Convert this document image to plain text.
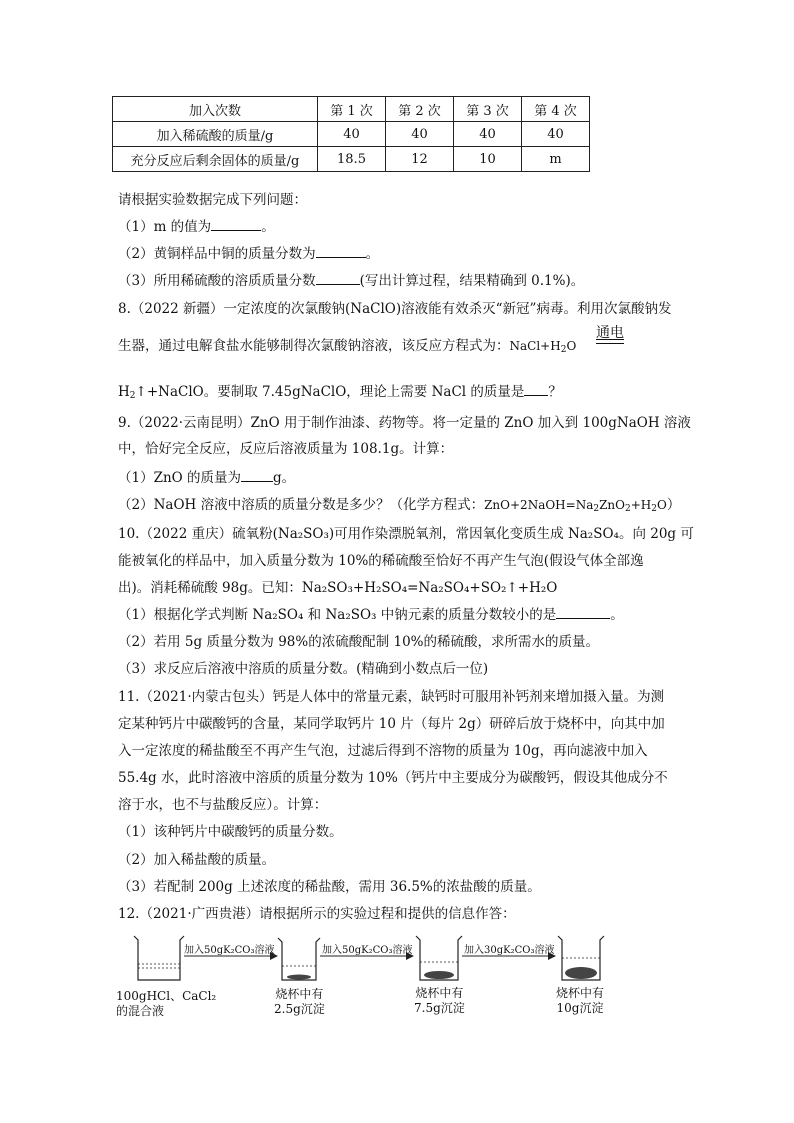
加入次数	第 1 次	第 2 次	第 3 次	第 4 次
加入稀硫酸的质量/g	40	40	40	40
充分反应后剩余固体的质量/g	18.5	12	10	m
请根据实验数据完成下列问题：
（1）m 的值为	。
（2）黄铜样品中铜的质量分数为	。
（3）所用稀硫酸的溶质质量分数	(写出计算过程，结果精确到 0.1%)。
8.（2022 新疆）一定浓度的次氯酸钠(NaClO)溶液能有效杀灭“新冠”病毒。利用次氯酸钠发
生器，通过电解食盐水能够制得次氯酸钠溶液，该反应方程式为：$NaCl+H_2O$
通电
$H_2↑+NaClO$。要制取 7.45gNaClO，理论上需要 NaCl 的质量是 ？
9.（2022·云南昆明）ZnO 用于制作油漆、药物等。将一定量的 ZnO 加入到 100gNaOH 溶液
中，恰好完全反应，反应后溶液质量为 108.1g。计算：
（1）ZnO 的质量为 g。
（2）NaOH 溶液中溶质的质量分数是多少？（化学方程式：$ZnO+2NaOH=Na_2ZnO_2+H_2O$）
10.（2022 重庆）硫氧粉(Na₂SO₃)可用作染漂脱氧剂，常因氧化变质生成 Na₂SO₄。向 20g 可
能被氧化的样品中，加入质量分数为 10%的稀硫酸至恰好不再产生气泡(假设气体全部逸
出)。消耗稀硫酸 98g。已知：Na₂SO₃+H₂SO₄=Na₂SO₄+SO₂↑+H₂O
（1）根据化学式判断 Na₂SO₄ 和 Na₂SO₃ 中钠元素的质量分数较小的是	。
（2）若用 5g 质量分数为 98%的浓硫酸配制 10%的稀硫酸，求所需水的质量。
（3）求反应后溶液中溶质的质量分数。(精确到小数点后一位)
11.（2021·内蒙古包头）钙是人体中的常量元素，缺钙时可服用补钙剂来增加摄入量。为测
定某种钙片中碳酸钙的含量，某同学取钙片 10 片（每片 2g）研碎后放于烧杯中，向其中加
入一定浓度的稀盐酸至不再产生气泡，过滤后得到不溶物的质量为 10g，再向滤液中加入
55.4g 水，此时溶液中溶质的质量分数为 10%（钙片中主要成分为碳酸钙，假设其他成分不
溶于水，也不与盐酸反应）。计算：
（1）该种钙片中碳酸钙的质量分数。
（2）加入稀盐酸的质量。
（3）若配制 200g 上述浓度的稀盐酸，需用 36.5%的浓盐酸的质量。
12.（2021·广西贵港）请根据所示的实验过程和提供的信息作答：
加入50gK₂CO₃溶液	加入50gK₂CO₃溶液	加入30gK₂CO₃溶液
100gHCl、CaCl₂
的混合液
烧杯中有
2.5g沉淀
烧杯中有
7.5g沉淀
烧杯中有
10g沉淀
